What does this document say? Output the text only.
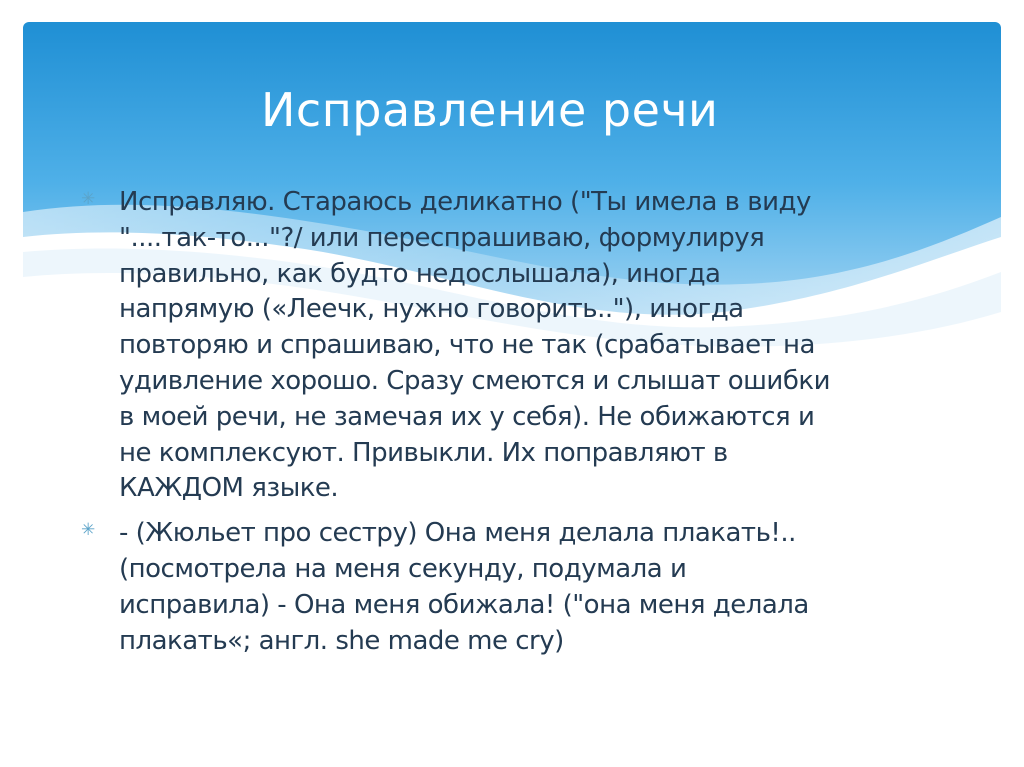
Исправление речи
✳ Исправляю. Стараюсь деликатно ("Ты имела в виду
"....так-то..."?/ или переспрашиваю, формулируя
правильно, как будто недослышала), иногда
напрямую («Леечк, нужно говорить.."), иногда
повторяю и спрашиваю, что не так (срабатывает на
удивление хорошо. Сразу смеются и слышат ошибки
в моей речи, не замечая их у себя). Не обижаются и
не комплексуют. Привыкли. Их поправляют в
КАЖДОМ языке.
✳ - (Жюльет про сестру) Она меня делала плакать!..
(посмотрела на меня секунду, подумала и
исправила) - Она меня обижала! ("она меня делала
плакать«; англ. she made me cry)
